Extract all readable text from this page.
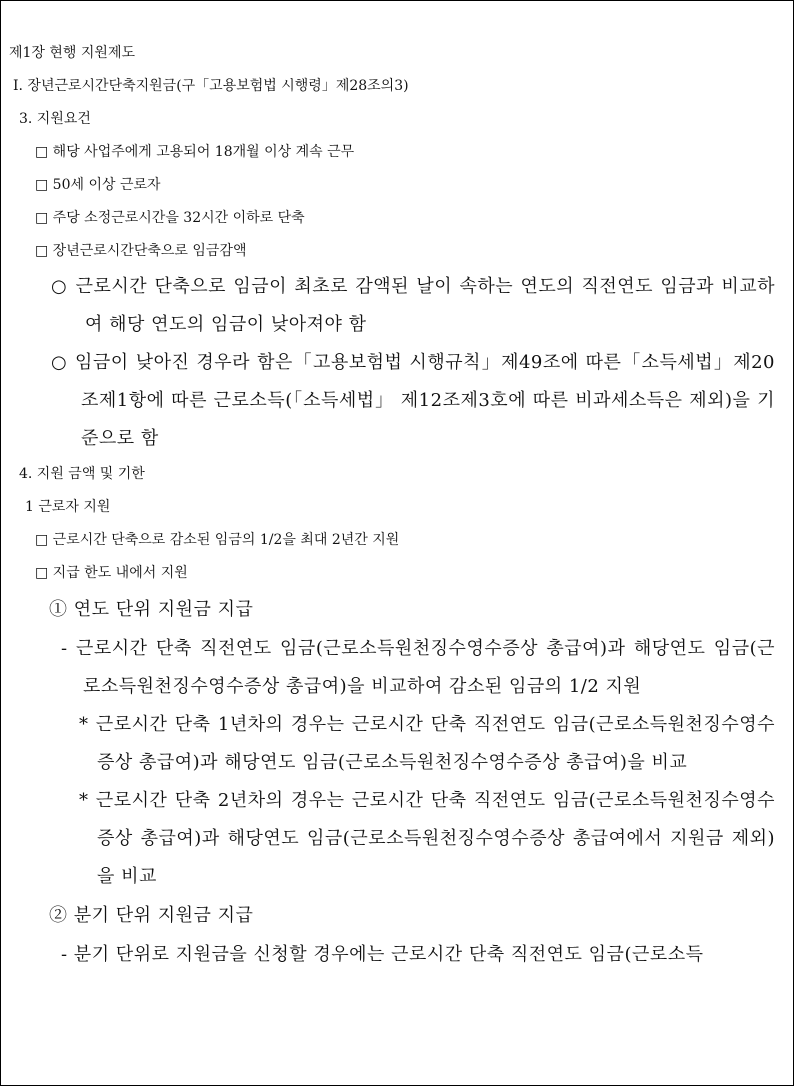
제1장 현행 지원제도
Ⅰ. 장년근로시간단축지원금(구「고용보험법 시행령」제28조의3)
3. 지원요건
□ 해당 사업주에게 고용되어 18개월 이상 계속 근무
□ 50세 이상 근로자
□ 주당 소정근로시간을 32시간 이하로 단축
□ 장년근로시간단축으로 임금감액
○ 근로시간 단축으로 임금이 최초로 감액된 날이 속하는 연도의 직전연도 임금과 비교하여 해당 연도의 임금이 낮아져야 함
○ 임금이 낮아진 경우라 함은「고용보험법 시행규칙」제49조에 따른「소득세법」제20조제1항에 따른 근로소득(「소득세법」 제12조제3호에 따른 비과세소득은 제외)을 기준으로 함
4. 지원 금액 및 기한
1 근로자 지원
□ 근로시간 단축으로 감소된 임금의 1/2을 최대 2년간 지원
□ 지급 한도 내에서 지원
① 연도 단위 지원금 지급
- 근로시간 단축 직전연도 임금(근로소득원천징수영수증상 총급여)과 해당연도 임금(근로소득원천징수영수증상 총급여)을 비교하여 감소된 임금의 1/2 지원
* 근로시간 단축 1년차의 경우는 근로시간 단축 직전연도 임금(근로소득원천징수영수증상 총급여)과 해당연도 임금(근로소득원천징수영수증상 총급여)을 비교
* 근로시간 단축 2년차의 경우는 근로시간 단축 직전연도 임금(근로소득원천징수영수증상 총급여)과 해당연도 임금(근로소득원천징수영수증상 총급여에서 지원금 제외)을 비교
② 분기 단위 지원금 지급
- 분기 단위로 지원금을 신청할 경우에는 근로시간 단축 직전연도 임금(근로소득
